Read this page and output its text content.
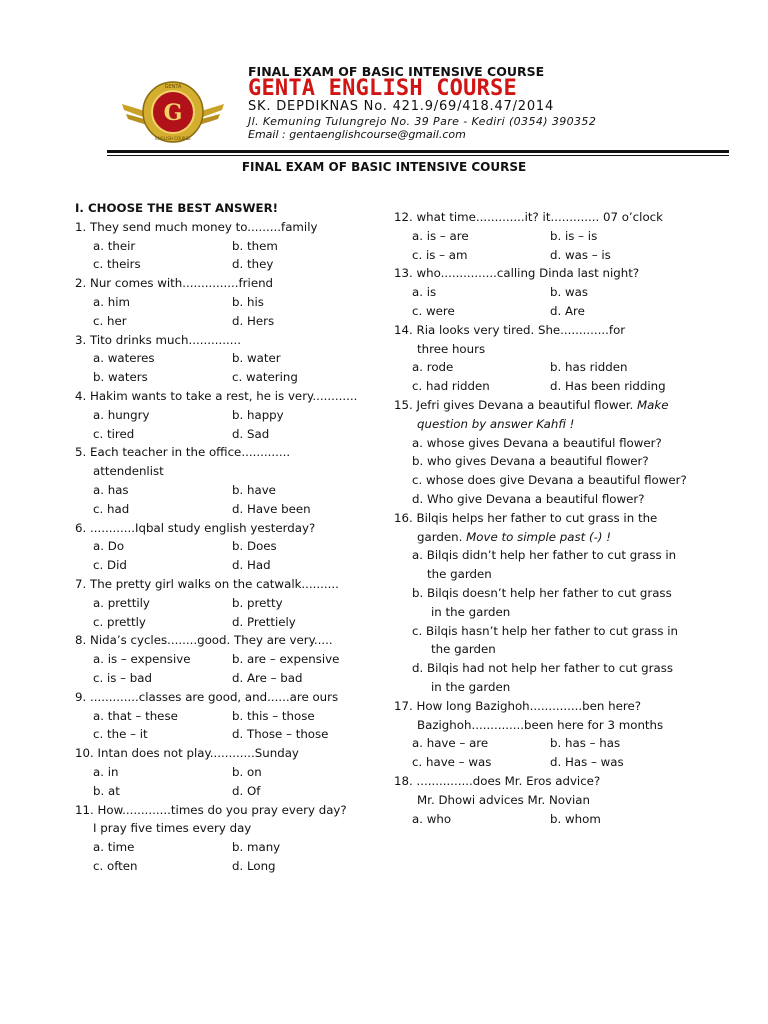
G
GENTA
ENGLISH COURSE
FINAL EXAM OF BASIC INTENSIVE COURSE
GENTA ENGLISH COURSE
SK. DEPDIKNAS No. 421.9/69/418.47/2014
Jl. Kemuning Tulungrejo No. 39 Pare - Kediri (0354) 390352
Email : gentaenglishcourse@gmail.com
FINAL EXAM OF BASIC INTENSIVE COURSE
I. CHOOSE THE BEST ANSWER!
1. They send much money to.........family
a. their	b. them
c. theirs	d. they
2. Nur comes with...............friend
a. him	b. his
c. her	d. Hers
3. Tito drinks much..............
a. wateres	b. water
b. waters	c. watering
4. Hakim wants to take a rest, he is very............
a. hungry	b. happy
c. tired	d. Sad
5. Each teacher in the office.............
attendenlist
a. has	b. have
c. had	d. Have been
6. ............Iqbal study english yesterday?
a. Do	b. Does
c. Did	d. Had
7. The pretty girl walks on the catwalk..........
a. prettily	b. pretty
c. prettly	d. Prettiely
8. Nida’s cycles........good. They are very.....
a. is – expensive	b. are – expensive
c. is – bad	d. Are – bad
9. .............classes are good, and......are ours
a. that – these	b. this – those
c. the – it	d. Those – those
10. Intan does not play............Sunday
a. in	b. on
b. at	d. Of
11. How.............times do you pray every day?
I pray five times every day
a. time	b. many
c. often	d. Long
12. what time.............it? it............. 07 o’clock
a. is – are	b. is – is
c. is – am	d. was – is
13. who...............calling Dinda last night?
a. is	b. was
c. were	d. Are
14. Ria looks very tired. She.............for
three hours
a. rode	b. has ridden
c. had ridden	d. Has been ridding
15. Jefri gives Devana a beautiful flower. Make
question by answer Kahfi !
a. whose gives Devana a beautiful flower?
b. who gives Devana a beautiful flower?
c. whose does give Devana a beautiful flower?
d. Who give Devana a beautiful flower?
16. Bilqis helps her father to cut grass in the
garden. Move to simple past (-) !
a. Bilqis didn’t help her father to cut grass in
the garden
b. Bilqis doesn’t help her father to cut grass
in the garden
c. Bilqis hasn’t help her father to cut grass in
the garden
d. Bilqis had not help her father to cut grass
in the garden
17. How long Bazighoh..............ben here?
Bazighoh..............been here for 3 months
a. have – are	b. has – has
c. have – was	d. Has – was
18. ...............does Mr. Eros advice?
Mr. Dhowi advices Mr. Novian
a. who	b. whom
